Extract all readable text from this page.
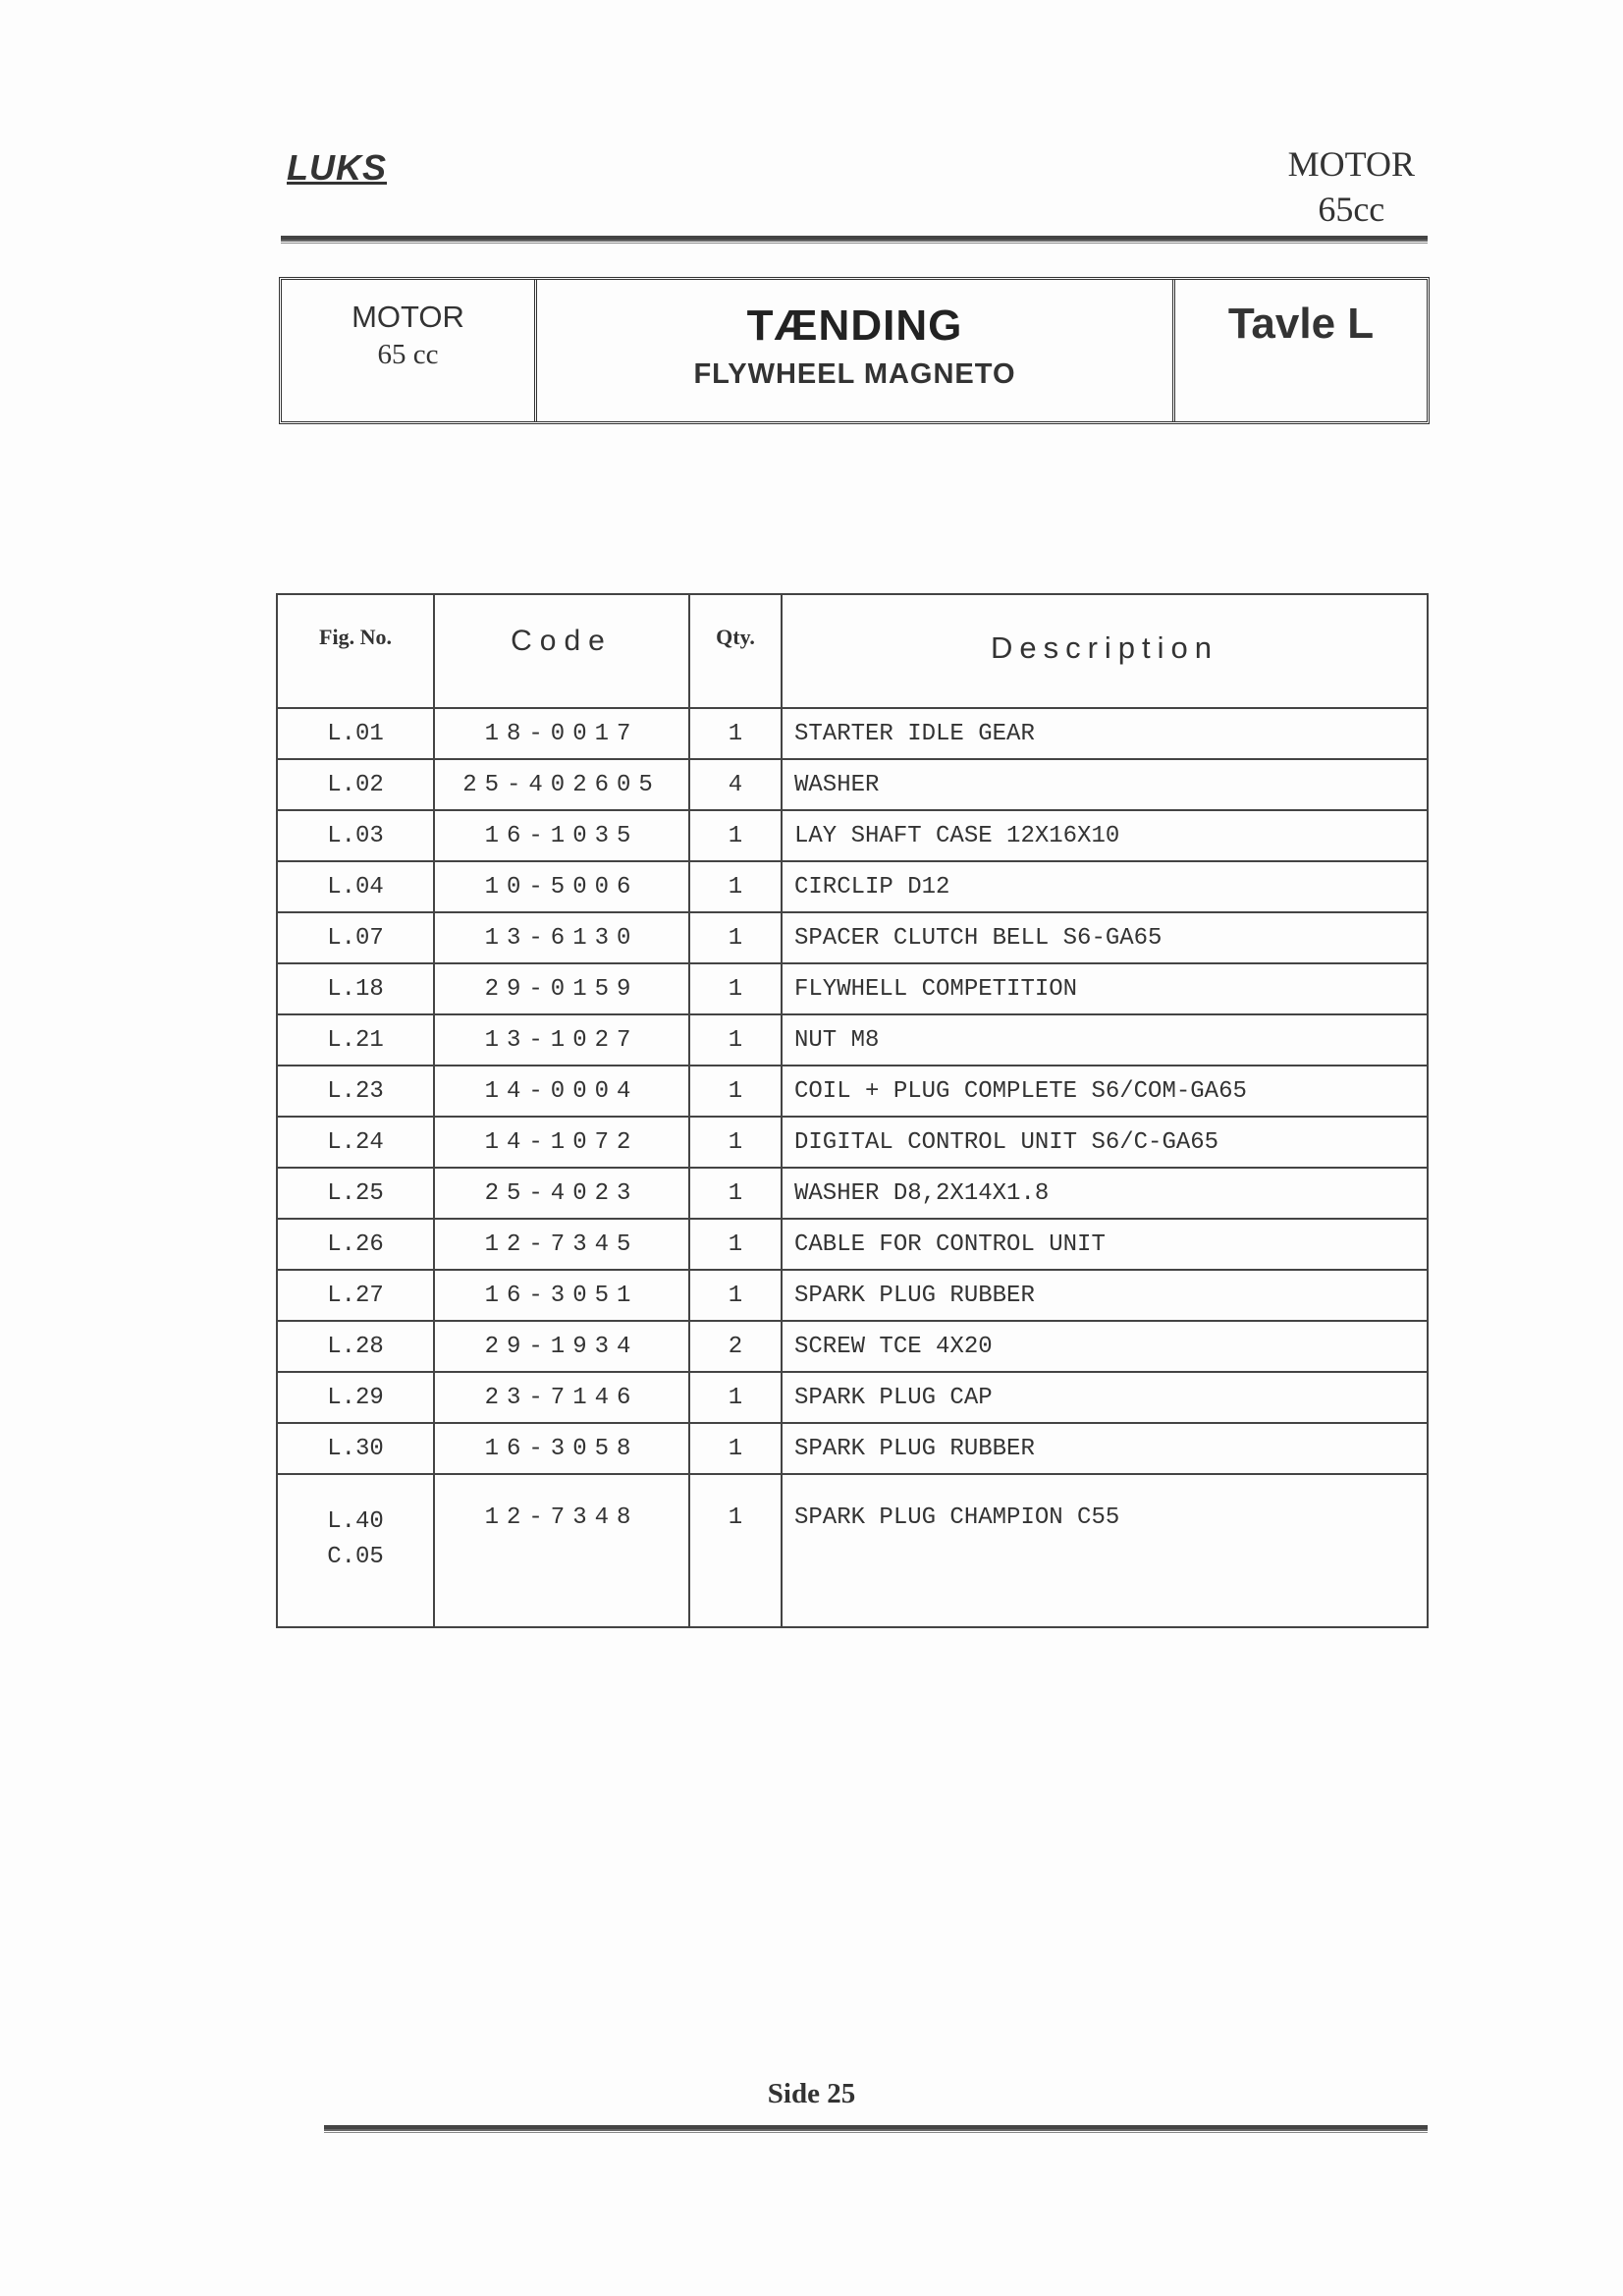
LUKS	MOTOR
65cc
MOTOR
65 cc
TÆNDING
FLYWHEEL MAGNETO
Tavle L
Fig. No.	Code	Qty.	Description
L.01	18-0017	1	STARTER IDLE GEAR
L.02	25-402605	4	WASHER
L.03	16-1035	1	LAY SHAFT CASE 12X16X10
L.04	10-5006	1	CIRCLIP D12
L.07	13-6130	1	SPACER CLUTCH BELL S6-GA65
L.18	29-0159	1	FLYWHELL COMPETITION
L.21	13-1027	1	NUT M8
L.23	14-0004	1	COIL + PLUG COMPLETE S6/COM-GA65
L.24	14-1072	1	DIGITAL CONTROL UNIT S6/C-GA65
L.25	25-4023	1	WASHER D8,2X14X1.8
L.26	12-7345	1	CABLE FOR CONTROL UNIT
L.27	16-3051	1	SPARK PLUG RUBBER
L.28	29-1934	2	SCREW TCE 4X20
L.29	23-7146	1	SPARK PLUG CAP
L.30	16-3058	1	SPARK PLUG RUBBER

L.40
C.05	12-7348	1	SPARK PLUG CHAMPION C55
Side 25
